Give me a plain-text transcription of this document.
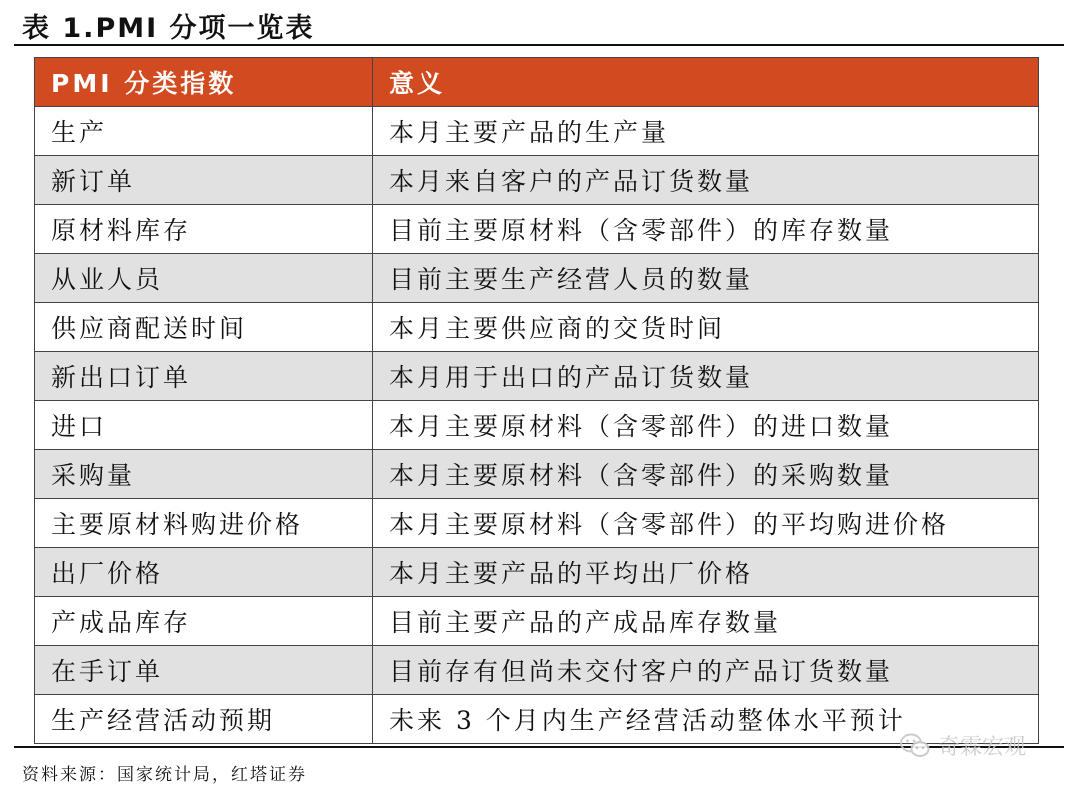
表 1.PMI 分项一览表
PMI 分类指数	意义
生产	本月主要产品的生产量
新订单	本月来自客户的产品订货数量
原材料库存	目前主要原材料（含零部件）的库存数量
从业人员	目前主要生产经营人员的数量
供应商配送时间	本月主要供应商的交货时间
新出口订单	本月用于出口的产品订货数量
进口	本月主要原材料（含零部件）的进口数量
采购量	本月主要原材料（含零部件）的采购数量
主要原材料购进价格	本月主要原材料（含零部件）的平均购进价格
出厂价格	本月主要产品的平均出厂价格
产成品库存	目前主要产品的产成品库存数量
在手订单	目前存有但尚未交付客户的产品订货数量
生产经营活动预期	未来 3 个月内生产经营活动整体水平预计
奇霖宏观
资料来源：国家统计局，红塔证券
